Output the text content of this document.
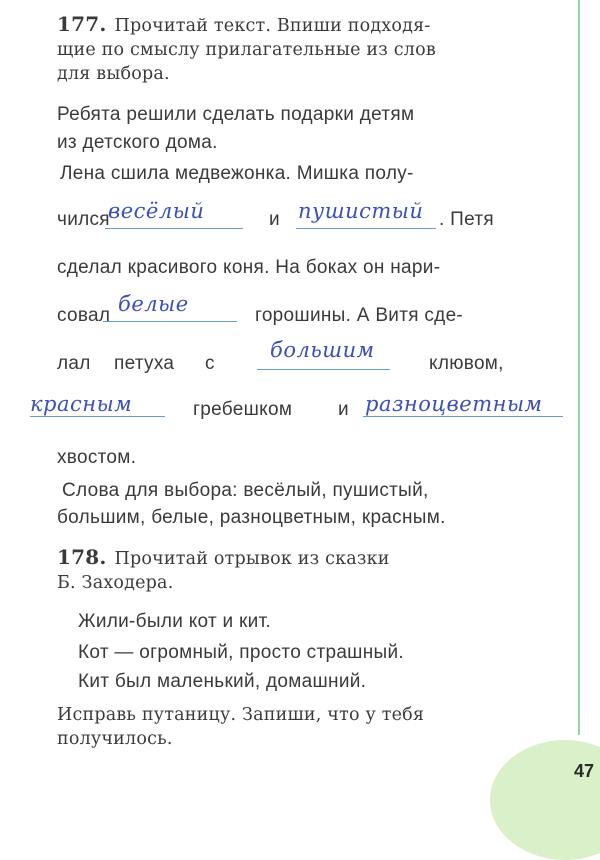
47
177. Прочитай текст. Впиши подходя-
щие по смыслу прилагательные из слов
для выбора.
Ребята решили сделать подарки детям
из детского дома.
Лена сшила медвежонка. Мишка полу-
чился
весёлый	и пушистый . Петя
сделал красивого коня. На боках он нари-
совал белые	горошины. А Витя сде-
лал петуха с
большим
клювом,
красным	гребешком и разноцветным
хвостом.
Слова для выбора: весёлый, пушистый,
большим, белые, разноцветным, красным.
178. Прочитай отрывок из сказки
Б. Заходера.
Жили-были кот и кит.
Кот — огромный, просто страшный.
Кит был маленький, домашний.
Исправь путаницу. Запиши, что у тебя
получилось.
